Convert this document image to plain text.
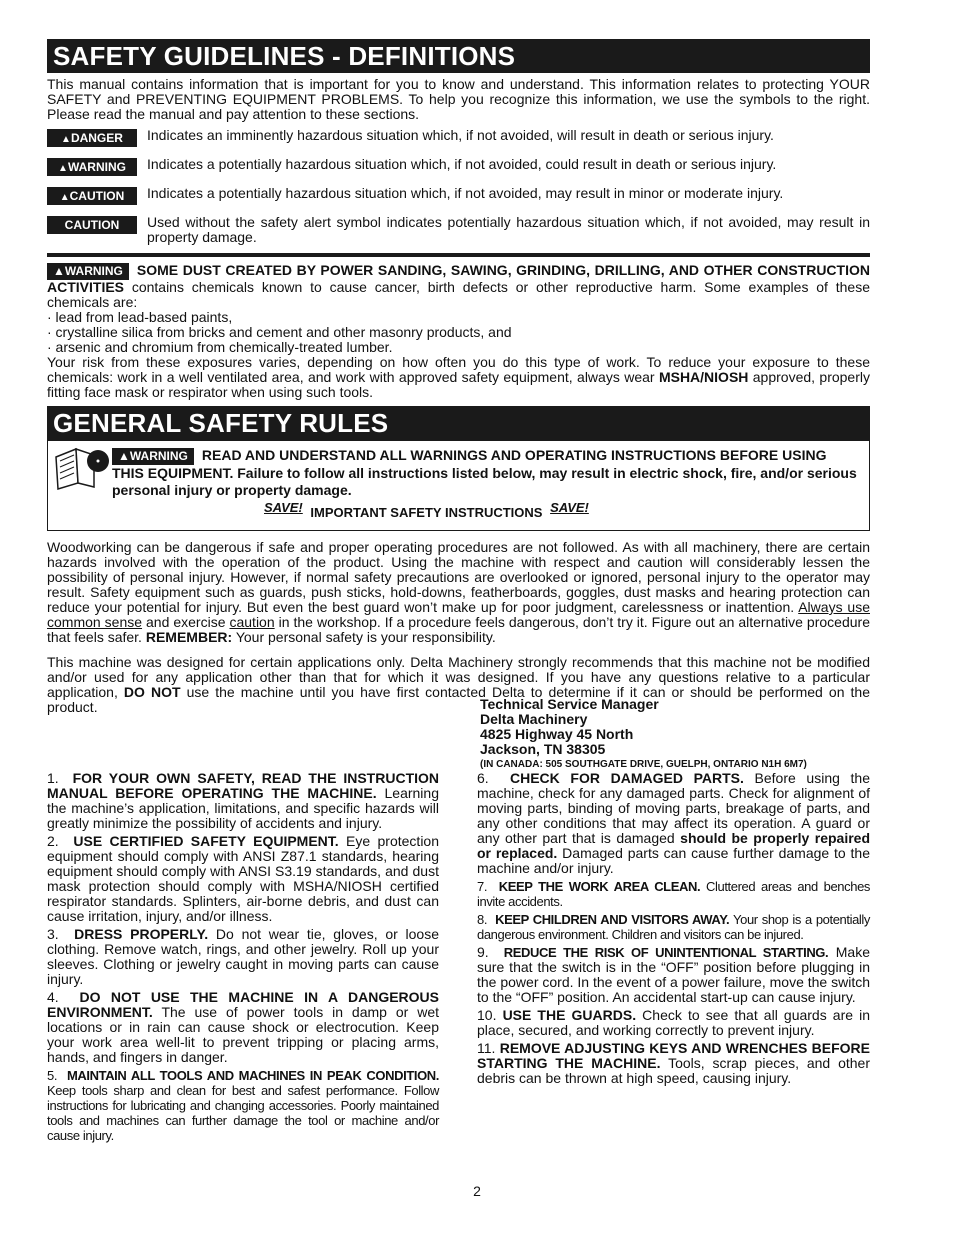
SAFETY GUIDELINES - DEFINITIONS
This manual contains information that is important for you to know and understand. This information relates to protecting YOUR SAFETY and PREVENTING EQUIPMENT PROBLEMS. To help you recognize this information, we use the symbols to the right. Please read the manual and pay attention to these sections.
▲DANGER	Indicates an imminently hazardous situation which, if not avoided, will result in death or serious injury.
▲WARNING	Indicates a potentially hazardous situation which, if not avoided, could result in death or serious injury.
▲CAUTION	Indicates a potentially hazardous situation which, if not avoided, may result in minor or moderate injury.
CAUTION	Used without the safety alert symbol indicates potentially hazardous situation which, if not avoided, may result in property damage.
▲WARNING SOME DUST CREATED BY POWER SANDING, SAWING, GRINDING, DRILLING, AND OTHER CONSTRUCTION ACTIVITIES contains chemicals known to cause cancer, birth defects or other reproductive harm. Some examples of these chemicals are:
· lead from lead-based paints,
· crystalline silica from bricks and cement and other masonry products, and
· arsenic and chromium from chemically-treated lumber.
Your risk from these exposures varies, depending on how often you do this type of work. To reduce your exposure to these chemicals: work in a well ventilated area, and work with approved safety equipment, always wear MSHA/NIOSH approved, properly fitting face mask or respirator when using such tools.
GENERAL SAFETY RULES
▲WARNING READ AND UNDERSTAND ALL WARNINGS AND OPERATING INSTRUCTIONS BEFORE USING THIS EQUIPMENT. Failure to follow all instructions listed below, may result in electric shock, fire, and/or serious personal injury or property damage.
SAVE! IMPORTANT SAFETY INSTRUCTIONS SAVE!
Woodworking can be dangerous if safe and proper operating procedures are not followed. As with all machinery, there are certain hazards involved with the operation of the product. Using the machine with respect and caution will considerably lessen the possibility of personal injury. However, if normal safety precautions are overlooked or ignored, personal injury to the operator may result. Safety equipment such as guards, push sticks, hold-downs, featherboards, goggles, dust masks and hearing protection can reduce your potential for injury. But even the best guard won’t make up for poor judgment, carelessness or inattention. Always use common sense and exercise caution in the workshop. If a procedure feels dangerous, don’t try it. Figure out an alternative procedure that feels safer. REMEMBER: Your personal safety is your responsibility.
This machine was designed for certain applications only. Delta Machinery strongly recommends that this machine not be modified and/or used for any application other than that for which it was designed. If you have any questions relative to a particular application, DO NOT use the machine until you have first contacted Delta to determine if it can or should be performed on the product.	Technical Service Manager
Delta Machinery
4825 Highway 45 North
Jackson, TN 38305
(IN CANADA: 505 SOUTHGATE DRIVE, GUELPH, ONTARIO N1H 6M7)
1. FOR YOUR OWN SAFETY, READ THE INSTRUCTION MANUAL BEFORE OPERATING THE MACHINE. Learning the machine’s application, limitations, and specific hazards will greatly minimize the possibility of accidents and injury.
2. USE CERTIFIED SAFETY EQUIPMENT. Eye protection equipment should comply with ANSI Z87.1 standards, hearing equipment should comply with ANSI S3.19 standards, and dust mask protection should comply with MSHA/NIOSH certified respirator standards. Splinters, air-borne debris, and dust can cause irritation, injury, and/or illness.
3. DRESS PROPERLY. Do not wear tie, gloves, or loose clothing. Remove watch, rings, and other jewelry. Roll up your sleeves. Clothing or jewelry caught in moving parts can cause injury.
4. DO NOT USE THE MACHINE IN A DANGEROUS ENVIRONMENT. The use of power tools in damp or wet locations or in rain can cause shock or electrocution. Keep your work area well-lit to prevent tripping or placing arms, hands, and fingers in danger.
5. MAINTAIN ALL TOOLS AND MACHINES IN PEAK CONDITION. Keep tools sharp and clean for best and safest performance. Follow instructions for lubricating and changing accessories. Poorly maintained tools and machines can further damage the tool or machine and/or cause injury.
6. CHECK FOR DAMAGED PARTS. Before using the machine, check for any damaged parts. Check for alignment of moving parts, binding of moving parts, breakage of parts, and any other conditions that may affect its operation. A guard or any other part that is damaged should be properly repaired or replaced. Damaged parts can cause further damage to the machine and/or injury.
7. KEEP THE WORK AREA CLEAN. Cluttered areas and benches invite accidents.
8. KEEP CHILDREN AND VISITORS AWAY. Your shop is a potentially dangerous environment. Children and visitors can be injured.
9. REDUCE THE RISK OF UNINTENTIONAL STARTING. Make sure that the switch is in the “OFF” position before plugging in the power cord. In the event of a power failure, move the switch to the “OFF” position. An accidental start-up can cause injury.
10. USE THE GUARDS. Check to see that all guards are in place, secured, and working correctly to prevent injury.
11. REMOVE ADJUSTING KEYS AND WRENCHES BEFORE STARTING THE MACHINE. Tools, scrap pieces, and other debris can be thrown at high speed, causing injury.
2
